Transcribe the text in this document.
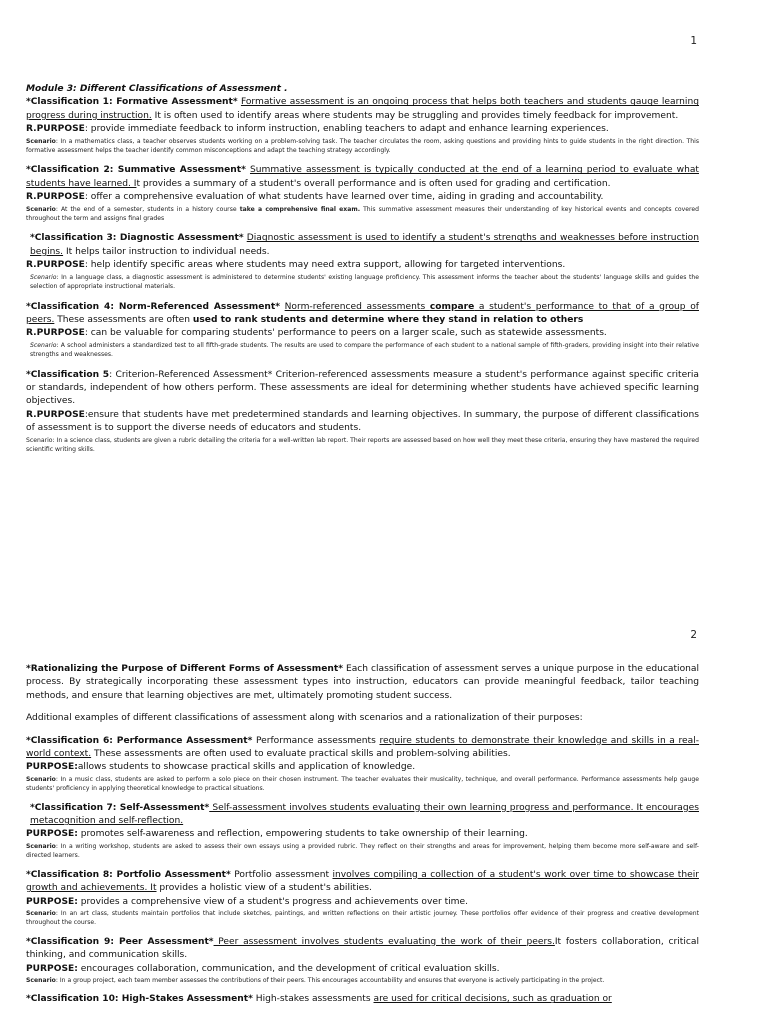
1

Module 3: Different Classifications of Assessment .

*Classification 1: Formative Assessment* Formative assessment is an ongoing process that helps both teachers and students gauge learning progress during instruction. It is often used to identify areas where students may be struggling and provides timely feedback for improvement.

R.PURPOSE: provide immediate feedback to inform instruction, enabling teachers to adapt and enhance learning experiences.

Scenario: In a mathematics class, a teacher observes students working on a problem-solving task. The teacher circulates the room, asking questions and providing hints to guide students in the right direction. This formative assessment helps the teacher identify common misconceptions and adapt the teaching strategy accordingly.

*Classification 2: Summative Assessment* Summative assessment is typically conducted at the end of a learning period to evaluate what students have learned. It provides a summary of a student's overall performance and is often used for grading and certification.

R.PURPOSE: offer a comprehensive evaluation of what students have learned over time, aiding in grading and accountability.

Scenario: At the end of a semester, students in a history course take a comprehensive final exam. This summative assessment measures their understanding of key historical events and concepts covered throughout the term and assigns final grades

*Classification 3: Diagnostic Assessment* Diagnostic assessment is used to identify a student's strengths and weaknesses before instruction begins. It helps tailor instruction to individual needs.

R.PURPOSE: help identify specific areas where students may need extra support, allowing for targeted interventions.

Scenario: In a language class, a diagnostic assessment is administered to determine students' existing language proficiency. This assessment informs the teacher about the students' language skills and guides the selection of appropriate instructional materials.

*Classification 4: Norm-Referenced Assessment* Norm-referenced assessments compare a student's performance to that of a group of peers. These assessments are often used to rank students and determine where they stand in relation to others

R.PURPOSE: can be valuable for comparing students' performance to peers on a larger scale, such as statewide assessments.

Scenario: A school administers a standardized test to all fifth-grade students. The results are used to compare the performance of each student to a national sample of fifth-graders, providing insight into their relative strengths and weaknesses.

*Classification 5: Criterion-Referenced Assessment* Criterion-referenced assessments measure a student's performance against specific criteria or standards, independent of how others perform. These assessments are ideal for determining whether students have achieved specific learning objectives.

R.PURPOSE:ensure that students have met predetermined standards and learning objectives. In summary, the purpose of different classifications of assessment is to support the diverse needs of educators and students.

Scenario: In a science class, students are given a rubric detailing the criteria for a well-written lab report. Their reports are assessed based on how well they meet these criteria, ensuring they have mastered the required scientific writing skills.

2

*Rationalizing the Purpose of Different Forms of Assessment* Each classification of assessment serves a unique purpose in the educational process. By strategically incorporating these assessment types into instruction, educators can provide meaningful feedback, tailor teaching methods, and ensure that learning objectives are met, ultimately promoting student success.

Additional examples of different classifications of assessment along with scenarios and a rationalization of their purposes:

*Classification 6: Performance Assessment* Performance assessments require students to demonstrate their knowledge and skills in a real-world context. These assessments are often used to evaluate practical skills and problem-solving abilities.

PURPOSE:allows students to showcase practical skills and application of knowledge.

Scenario: In a music class, students are asked to perform a solo piece on their chosen instrument. The teacher evaluates their musicality, technique, and overall performance. Performance assessments help gauge students' proficiency in applying theoretical knowledge to practical situations.

*Classification 7: Self-Assessment* Self-assessment involves students evaluating their own learning progress and performance. It encourages metacognition and self-reflection.

PURPOSE: promotes self-awareness and reflection, empowering students to take ownership of their learning.

Scenario: In a writing workshop, students are asked to assess their own essays using a provided rubric. They reflect on their strengths and areas for improvement, helping them become more self-aware and self-directed learners.

*Classification 8: Portfolio Assessment* Portfolio assessment involves compiling a collection of a student's work over time to showcase their growth and achievements. It provides a holistic view of a student's abilities.

PURPOSE: provides a comprehensive view of a student's progress and achievements over time.

Scenario: In an art class, students maintain portfolios that include sketches, paintings, and written reflections on their artistic journey. These portfolios offer evidence of their progress and creative development throughout the course.

*Classification 9: Peer Assessment* Peer assessment involves students evaluating the work of their peers.It fosters collaboration, critical thinking, and communication skills.

PURPOSE: encourages collaboration, communication, and the development of critical evaluation skills.

Scenario: In a group project, each team member assesses the contributions of their peers. This encourages accountability and ensures that everyone is actively participating in the project.

*Classification 10: High-Stakes Assessment* High-stakes assessments are used for critical decisions, such as graduation or
